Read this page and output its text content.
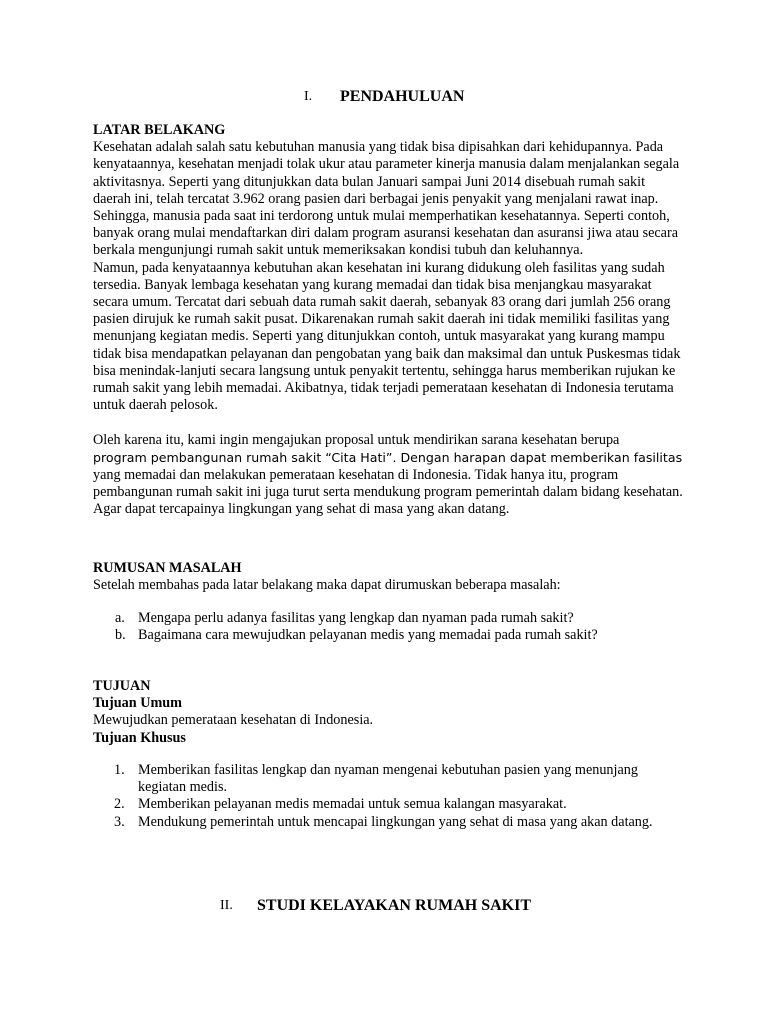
I. PENDAHULUAN

LATAR BELAKANG

Kesehatan adalah salah satu kebutuhan manusia yang tidak bisa dipisahkan dari kehidupannya. Pada kenyataannya, kesehatan menjadi tolak ukur atau parameter kinerja manusia dalam menjalankan segala aktivitasnya. Seperti yang ditunjukkan data bulan Januari sampai Juni 2014 disebuah rumah sakit daerah ini, telah tercatat 3.962 orang pasien dari berbagai jenis penyakit yang menjalani rawat inap. Sehingga, manusia pada saat ini terdorong untuk mulai memperhatikan kesehatannya. Seperti contoh, banyak orang mulai mendaftarkan diri dalam program asuransi kesehatan dan asuransi jiwa atau secara berkala mengunjungi rumah sakit untuk memeriksakan kondisi tubuh dan keluhannya.

Namun, pada kenyataannya kebutuhan akan kesehatan ini kurang didukung oleh fasilitas yang sudah tersedia. Banyak lembaga kesehatan yang kurang memadai dan tidak bisa menjangkau masyarakat secara umum. Tercatat dari sebuah data rumah sakit daerah, sebanyak 83 orang dari jumlah 256 orang pasien dirujuk ke rumah sakit pusat. Dikarenakan rumah sakit daerah ini tidak memiliki fasilitas yang menunjang kegiatan medis. Seperti yang ditunjukkan contoh, untuk masyarakat yang kurang mampu tidak bisa mendapatkan pelayanan dan pengobatan yang baik dan maksimal dan untuk Puskesmas tidak bisa menindak-lanjuti secara langsung untuk penyakit tertentu, sehingga harus memberikan rujukan ke rumah sakit yang lebih memadai. Akibatnya, tidak terjadi pemerataan kesehatan di Indonesia terutama untuk daerah pelosok.

Oleh karena itu, kami ingin mengajukan proposal untuk mendirikan sarana kesehatan berupa
program pembangunan rumah sakit “Cita Hati”. Dengan harapan dapat memberikan fasilitas
yang memadai dan melakukan pemerataan kesehatan di Indonesia. Tidak hanya itu, program pembangunan rumah sakit ini juga turut serta mendukung program pemerintah dalam bidang kesehatan. Agar dapat tercapainya lingkungan yang sehat di masa yang akan datang.

RUMUSAN MASALAH

Setelah membahas pada latar belakang maka dapat dirumuskan beberapa masalah:

a. Mengapa perlu adanya fasilitas yang lengkap dan nyaman pada rumah sakit?
b. Bagaimana cara mewujudkan pelayanan medis yang memadai pada rumah sakit?

TUJUAN

Tujuan Umum

Mewujudkan pemerataan kesehatan di Indonesia.

Tujuan Khusus

1. Memberikan fasilitas lengkap dan nyaman mengenai kebutuhan pasien yang menunjang kegiatan medis.
2. Memberikan pelayanan medis memadai untuk semua kalangan masyarakat.
3. Mendukung pemerintah untuk mencapai lingkungan yang sehat di masa yang akan datang.
II. STUDI KELAYAKAN RUMAH SAKIT
